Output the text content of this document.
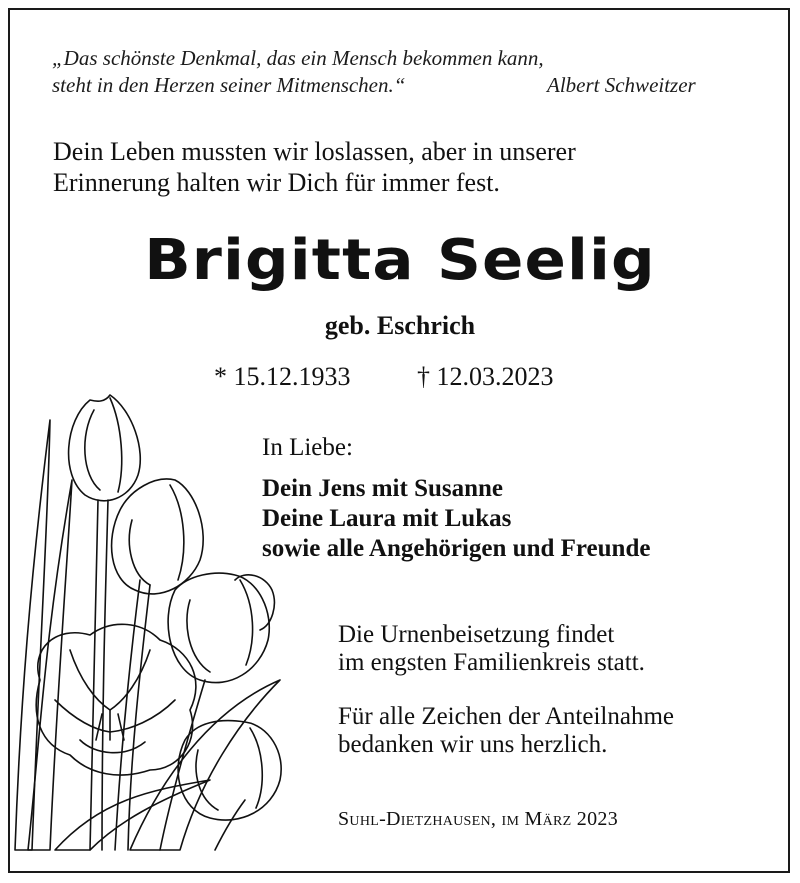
„Das schönste Denkmal, das ein Mensch bekommen kann,
steht in den Herzen seiner Mitmenschen.“	Albert Schweitzer
Dein Leben mussten wir loslassen, aber in unserer
Erinnerung halten wir Dich für immer fest.
Brigitta Seelig
geb. Eschrich
* 15.12.1933	† 12.03.2023
In Liebe:
Dein Jens mit Susanne
Deine Laura mit Lukas
sowie alle Angehörigen und Freunde
Die Urnenbeisetzung findet
im engsten Familienkreis statt.
Für alle Zeichen der Anteilnahme
bedanken wir uns herzlich.
Suhl-Dietzhausen, im März 2023
